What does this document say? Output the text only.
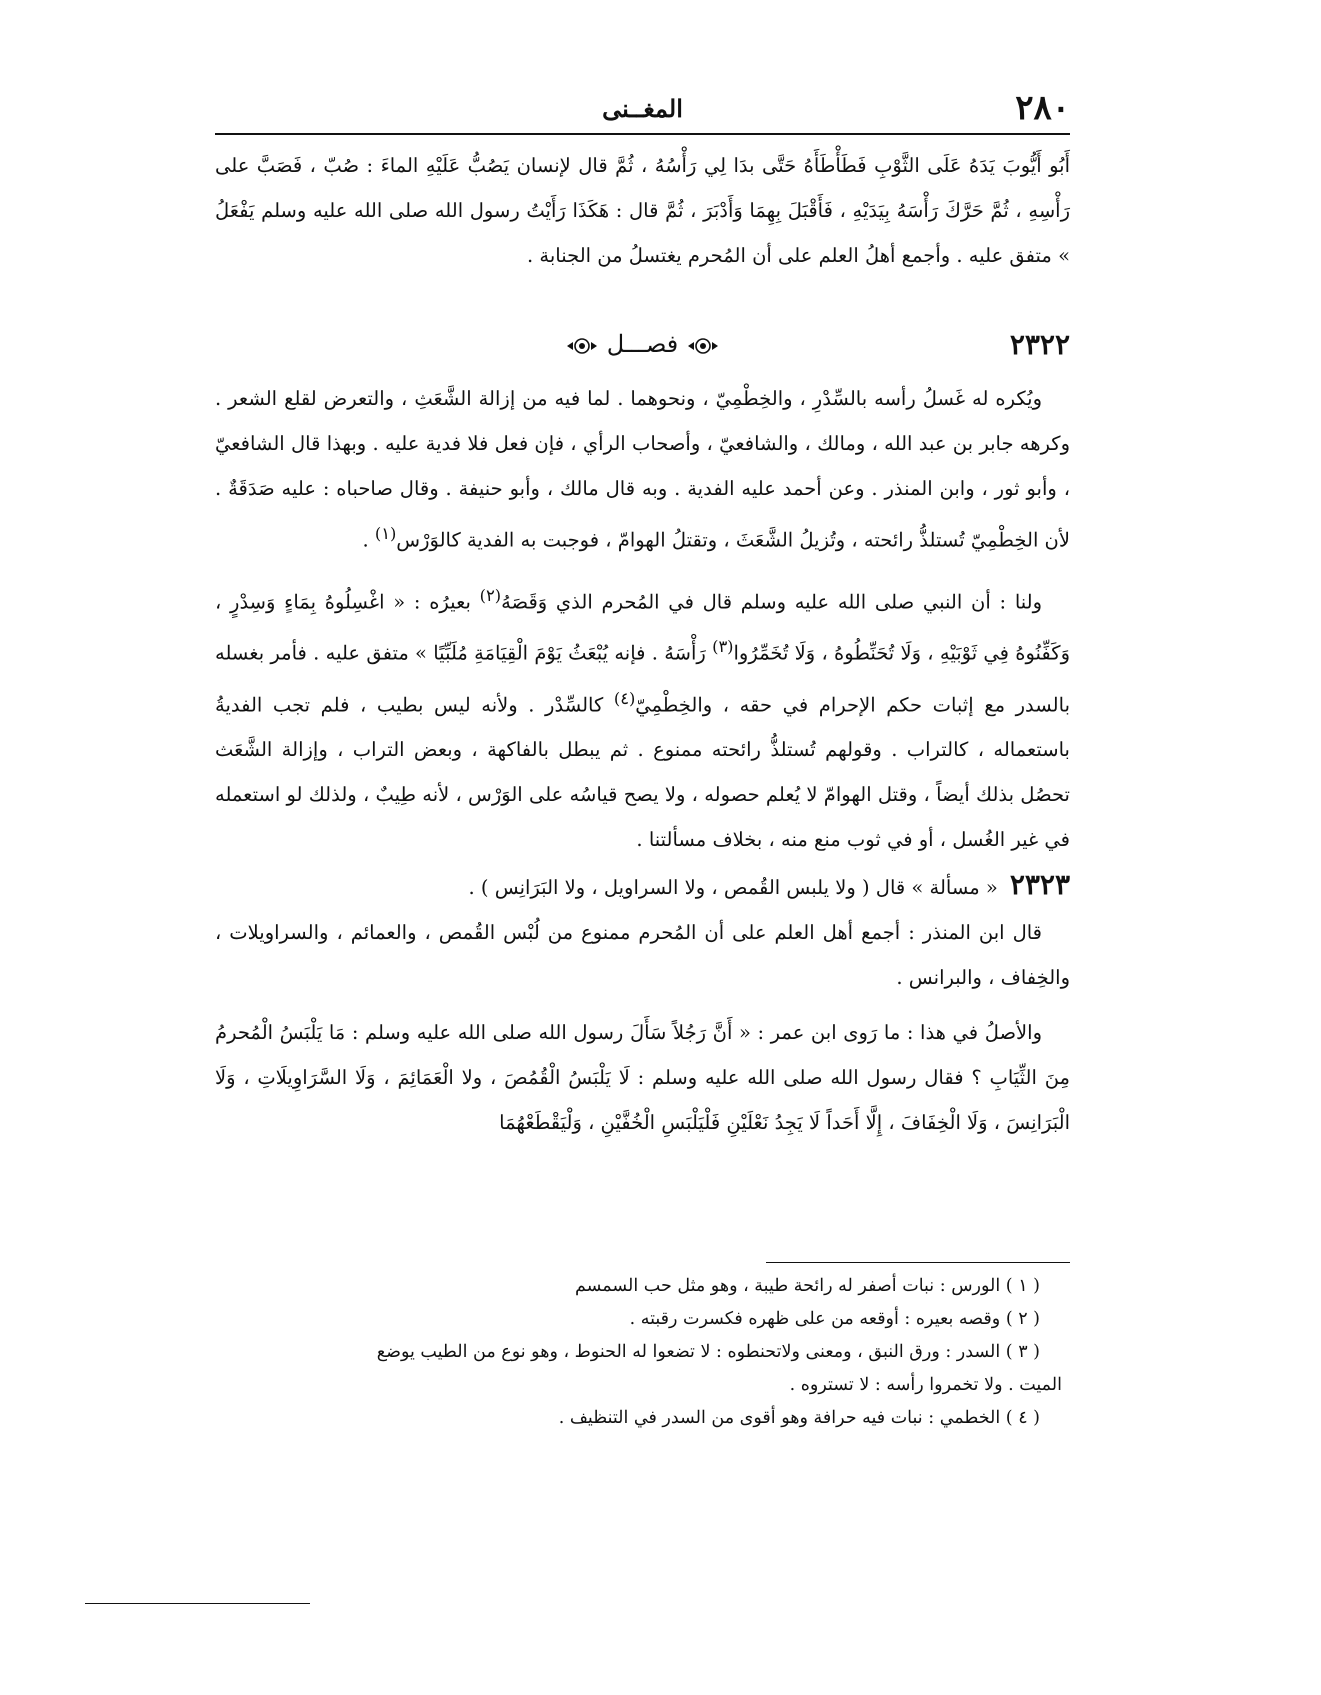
٢٨٠
المغــنى

أَبُو أَيُّوبَ يَدَهُ عَلَى الثَّوْبِ فَطَأْطَأَهُ حَتَّى بدَا لِي رَأْسُهُ ، ثُمَّ قال لإنسان يَصُبُّ عَلَيْهِ الماءَ : صُبّ ، فَصَبَّ على رَأْسِهِ ، ثُمَّ حَرَّكَ رَأْسَهُ بِيَدَيْهِ ، فَأَقْبَلَ بِهِمَا وَأَدْبَرَ ، ثُمَّ قال : هَكَذَا رَأَيْتُ رسول الله صلى الله عليه وسلم يَفْعَلُ » متفق عليه . وأجمع أهلُ العلم على أن المُحرم يغتسلُ من الجنابة .

٢٣٢٢
فصـــل

ويُكره له غَسلُ رأسه بالسِّدْرِ ، والخِطْمِيّ ، ونحوهما . لما فيه من إزالة الشَّعَثِ ، والتعرض لقلع الشعر . وكرهه جابر بن عبد الله ، ومالك ، والشافعيّ ، وأصحاب الرأي ، فإن فعل فلا فدية عليه . وبهذا قال الشافعيّ ، وأبو ثور ، وابن المنذر . وعن أحمد عليه الفدية . وبه قال مالك ، وأبو حنيفة . وقال صاحباه : عليه صَدَقَةٌ . لأن الخِطْمِيّ تُستلذُّ رائحته ، وتُزيلُ الشَّعَثَ ، وتقتلُ الهوامّ ، فوجبت به الفدية كالوَرْس$^{(١)}$ .

ولنا : أن النبي صلى الله عليه وسلم قال في المُحرم الذي وَقَصَهُ$^{(٢)}$ بعيرُه : « اغْسِلُوهُ بِمَاءٍ وَسِدْرٍ ، وَكَفِّنُوهُ فِي ثَوْبَيْهِ ، وَلَا تُحَنِّطُوهُ ، وَلَا تُخَمِّرُوا$^{(٣)}$ رَأْسَهُ . فإنه يُبْعَثُ يَوْمَ الْقِيَامَةِ مُلَبِّيًا » متفق عليه . فأمر بغسله بالسدر مع إثبات حكم الإحرام في حقه ، والخِطْمِيّ$^{(٤)}$ كالسِّدْر . ولأنه ليس بطيب ، فلم تجب الفديةُ باستعماله ، كالتراب . وقولهم تُستلذُّ رائحته ممنوع . ثم يبطل بالفاكهة ، وبعض التراب ، وإزالة الشَّعَث تحصُل بذلك أيضاً ، وقتل الهوامّ لا يُعلم حصوله ، ولا يصح قياسُه على الوَرْس ، لأنه طِيبٌ ، ولذلك لو استعمله في غير الغُسل ، أو في ثوب منع منه ، بخلاف مسألتنا .

٢٣٢٣« مسألة » قال ( ولا يلبس القُمص ، ولا السراويل ، ولا البَرَانِس ) .

قال ابن المنذر : أجمع أهل العلم على أن المُحرم ممنوع من لُبْس القُمص ، والعمائم ، والسراويلات ، والخِفاف ، والبرانس .

والأصلُ في هذا : ما رَوى ابن عمر : « أَنَّ رَجُلاً سَأَلَ رسول الله صلى الله عليه وسلم : مَا يَلْبَسُ الْمُحرمُ مِنَ الثِّيَابِ ؟ فقال رسول الله صلى الله عليه وسلم : لَا يَلْبَسُ الْقُمُصَ ، ولا الْعَمَائِمَ ، وَلَا السَّرَاوِيلَاتِ ، وَلَا الْبَرَانِسَ ، وَلَا الْخِفَافَ ، إِلَّا أَحَداً لَا يَجِدُ نَعْلَيْنِ فَلْيَلْبَسِ الْخُفَّيْنِ ، وَلْيَقْطَعْهُمَا

( ١ ) الورس : نبات أصفر له رائحة طيبة ، وهو مثل حب السمسم

( ٢ ) وقصه بعيره : أوقعه من على ظهره فكسرت رقبته .

( ٣ ) السدر : ورق النبق ، ومعنى ولاتحنطوه : لا تضعوا له الحنوط ، وهو نوع من الطيب يوضع

الميت . ولا تخمروا رأسه : لا تستروه .

( ٤ ) الخطمي : نبات فيه حرافة وهو أقوى من السدر في التنظيف .
